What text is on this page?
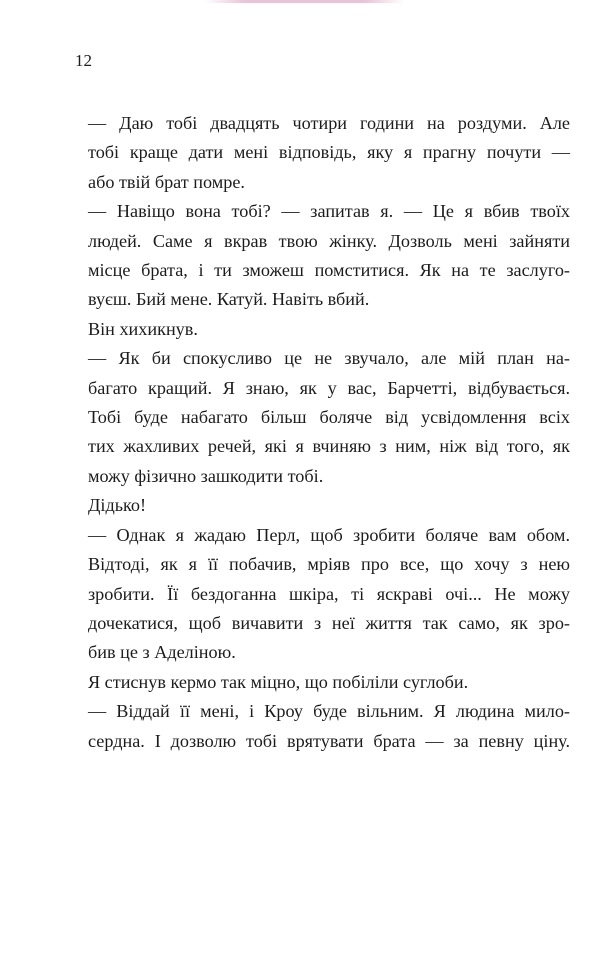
12
— Даю тобі двадцять чотири години на роздуми. Але
тобі краще дати мені відповідь, яку я прагну почути —
або твій брат помре.
— Навіщо вона тобі? — запитав я. — Це я вбив твоїх
людей. Саме я вкрав твою жінку. Дозволь мені зайняти
місце брата, і ти зможеш помститися. Як на те заслуго-
вуєш. Бий мене. Катуй. Навіть вбий.
Він хихикнув.
— Як би спокусливо це не звучало, але мій план на-
багато кращий. Я знаю, як у вас, Барчетті, відбувається.
Тобі буде набагато більш боляче від усвідомлення всіх
тих жахливих речей, які я вчиняю з ним, ніж від того, як
можу фізично зашкодити тобі.
Дідько!
— Однак я жадаю Перл, щоб зробити боляче вам обом.
Відтоді, як я її побачив, мріяв про все, що хочу з нею
зробити. Її бездоганна шкіра, ті яскраві очі... Не можу
дочекатися, щоб вичавити з неї життя так само, як зро-
бив це з Аделіною.
Я стиснув кермо так міцно, що побіліли суглоби.
— Віддай її мені, і Кроу буде вільним. Я людина мило-
сердна. І дозволю тобі врятувати брата — за певну ціну.
